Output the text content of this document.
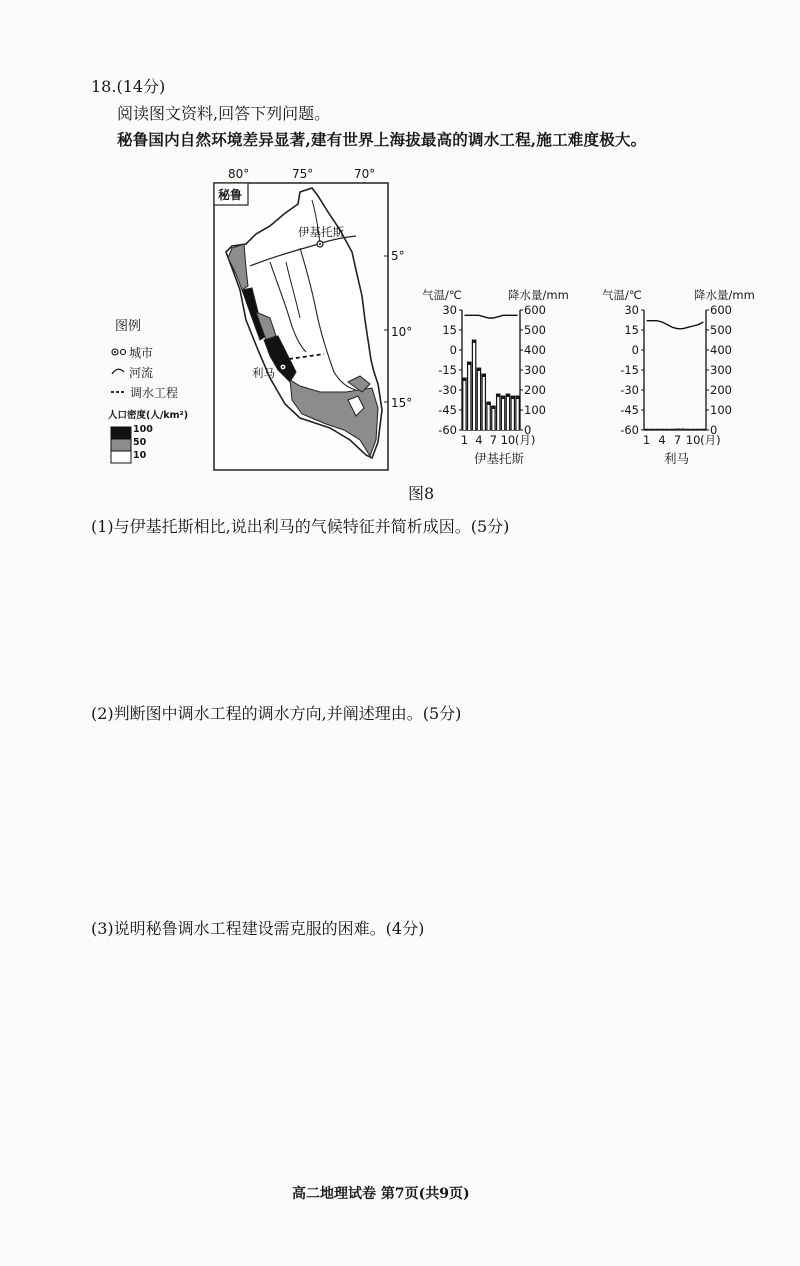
18.(14分)
阅读图文资料,回答下列问题。
秘鲁国内自然环境差异显著,建有世界上海拔最高的调水工程,施工难度极大。
80°	75°	70°
秘鲁
5°
10°
15°
伊基托斯
利马
图例
城市
河流
调水工程
人口密度(人/km²)
100
50
10
气温/℃	降水量/mm
30
15
0
-15
-30
-45
-60
600
500
400
300
200
100
0
1 4 7 10 (月)
伊基托斯
气温/℃	降水量/mm
30
15
0
-15
-30
-45
-60
600
500
400
300
200
100
0
1 4 7 10 (月)
利马
图8
(1)与伊基托斯相比,说出利马的气候特征并简析成因。(5分)
(2)判断图中调水工程的调水方向,并阐述理由。(5分)
(3)说明秘鲁调水工程建设需克服的困难。(4分)
高二地理试卷 第7页(共9页)
